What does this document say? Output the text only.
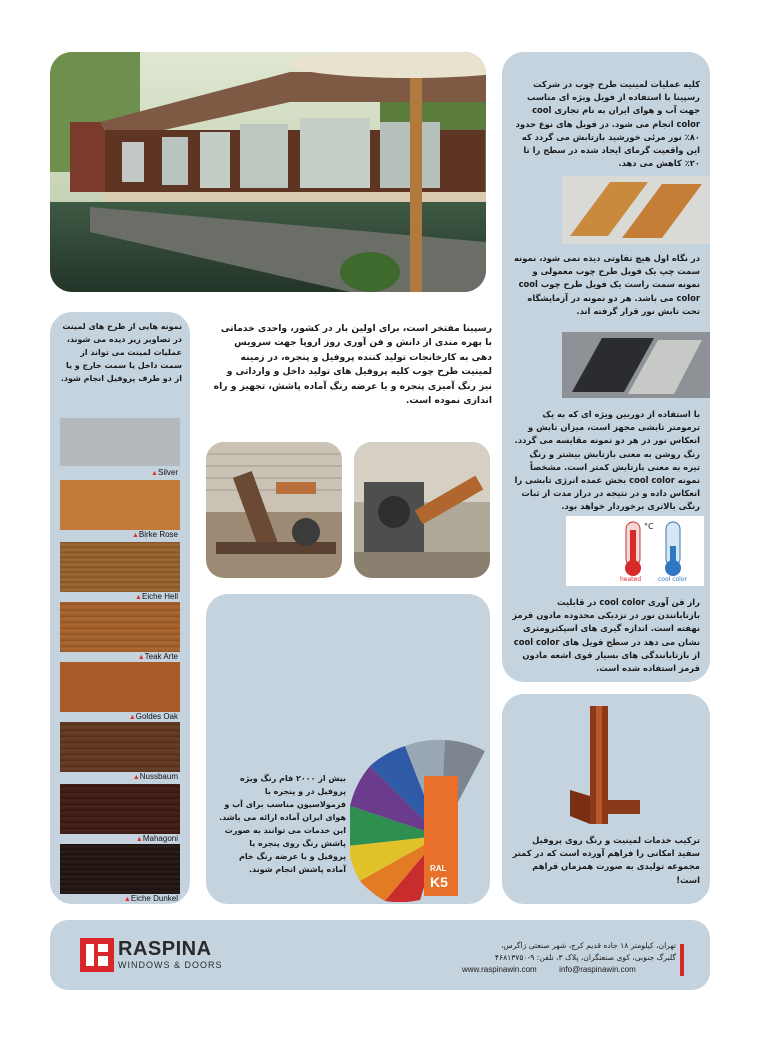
کلیه عملیات لمینیت طرح چوب در شرکت رسپینا با استفاده از فویل ویژه ای مناسب جهت آب و هوای ایران به نام تجاری cool color انجام می شود. در فویل های نوع حدود ۸۰٪ نور مرئی خورشید بازتابش می گردد که این واقعیت گرمای ایجاد شده در سطح را تا ۲۰٪ کاهش می دهد.

در نگاه اول هیچ تفاوتی دیده نمی شود، نمونه سمت چپ یک فویل طرح چوب معمولی و نمونه سمت راست یک فویل طرح چوب cool color می باشد. هر دو نمونه در آزمایشگاه تحت تابش نور قرار گرفته اند.

با استفاده از دوربین ویژه ای که به یک ترمومتر تابشی مجهز است، میزان تابش و انعکاس نور در هر دو نمونه مقایسه می گردد. رنگ روشن به معنی بازتابش بیشتر و رنگ تیره به معنی بازتابش کمتر است. مشخصاً نمونه cool color بخش عمده انرژی تابشی را انعکاس داده و در نتیجه در دراز مدت از ثبات رنگی بالاتری برخوردار خواهد بود.

°C
heated	cool color

راز فن آوری cool color در قابلیت بازتابانندن نور در نزدیکی محدوده مادون قرمز نهفته است. اندازه گیری های اسپکترومتری نشان می دهد در سطح فویل های cool color از بازتابانندگی های بسیار قوی اشعه مادون قرمز استفاده شده است.

رسپینا مفتخر است، برای اولین بار در کشور، واحدی خدماتی با بهره مندی از دانش و فن آوری روز اروپا جهت سرویس دهی به کارخانجات تولید کننده پروفیل و پنجره، در زمینه لمینیت طرح چوب کلیه پروفیل های تولید داخل و وارداتی و نیز رنگ آمیزی پنجره و یا عرضه رنگ آماده پاشش، تجهیز و راه اندازی نموده است.

نمونه هایی از طرح های لمینت در تصاویر زیر دیده می شوند، عملیات لمینت می تواند از سمت داخل یا سمت خارج و یا از دو طرف پروفیل انجام شود.

▲Silver
▲Birke Rose
▲Eiche Hell
▲Teak Arte
▲Goldes Oak
▲Nussbaum
▲Mahagoni
▲Eiche Dunkel

بیش از ۲۰۰۰ فام رنگ ویژه پروفیل در و پنجره با فرمولاسیون مناسب برای آب و هوای ایران آماده ارائه می باشد. این خدمات می توانند به صورت پاشش رنگ روی پنجره یا پروفیل و یا عرضه رنگ خام آماده پاشش انجام شوند.	RAL
K5

ترکیب خدمات لمینیت و رنگ روی پروفیل سفید امکانی را فراهم آورده است که در کمتر مجموعه تولیدی به صورت همزمان فراهم است!

RASPINA
WINDOWS & DOORS
تهران، کیلومتر ۱۸ جاده قدیم کرج، شهر صنعتی زاگرس،
گلبرگ جنوبی، کوی صنعتگران، پلاک ۳، تلفن: ۹-۴۶۸۱۳۷۵۰
www.raspinawin.com	info@raspinawin.com
